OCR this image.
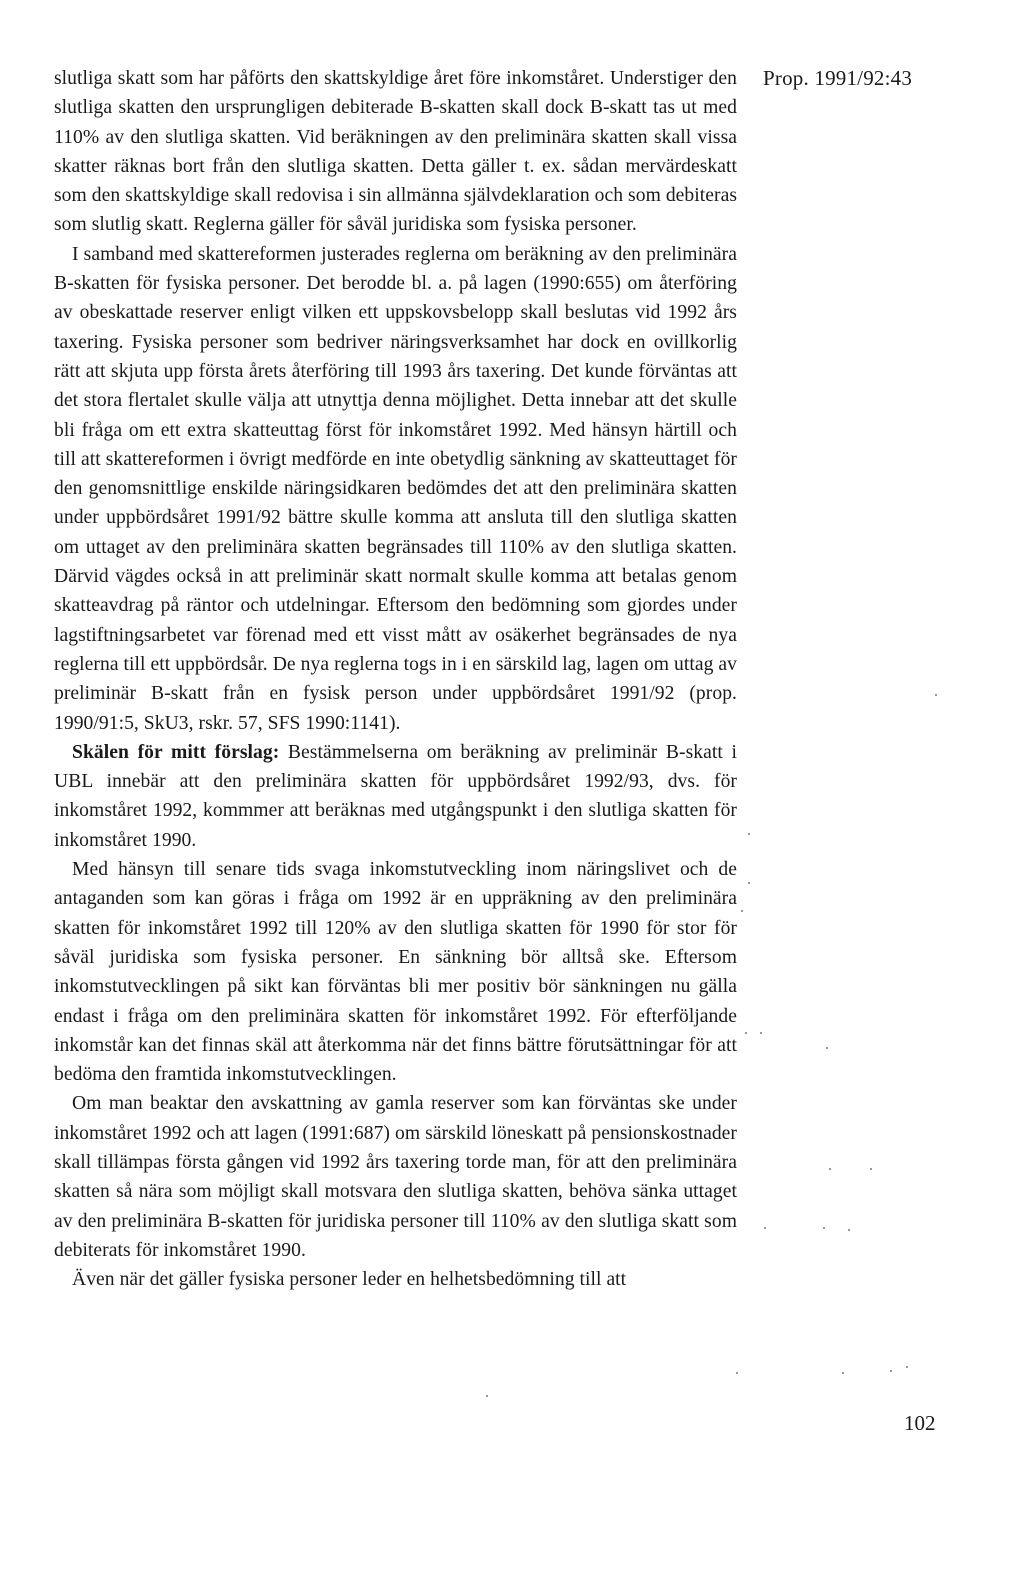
Prop. 1991/92:43

slutliga skatt som har påförts den skattskyldige året före inkomståret. Understiger den slutliga skatten den ursprungligen debiterade B-skatten skall dock B-skatt tas ut med 110% av den slutliga skatten. Vid beräkningen av den preliminära skatten skall vissa skatter räknas bort från den slutliga skatten. Detta gäller t. ex. sådan mervärdeskatt som den skattskyldige skall redovisa i sin allmänna självdeklaration och som debiteras som slutlig skatt. Reglerna gäller för såväl juridiska som fysiska personer.

I samband med skattereformen justerades reglerna om beräkning av den preliminära B-skatten för fysiska personer. Det berodde bl. a. på lagen (1990:655) om återföring av obeskattade reserver enligt vilken ett uppskovsbelopp skall beslutas vid 1992 års taxering. Fysiska personer som bedriver näringsverksamhet har dock en ovillkorlig rätt att skjuta upp första årets återföring till 1993 års taxering. Det kunde förväntas att det stora flertalet skulle välja att utnyttja denna möjlighet. Detta innebar att det skulle bli fråga om ett extra skatteuttag först för inkomståret 1992. Med hänsyn härtill och till att skattereformen i övrigt medförde en inte obetydlig sänkning av skatteuttaget för den genomsnittlige enskilde näringsidkaren bedömdes det att den preliminära skatten under uppbördsåret 1991/92 bättre skulle komma att ansluta till den slutliga skatten om uttaget av den preliminära skatten begränsades till 110% av den slutliga skatten. Därvid vägdes också in att preliminär skatt normalt skulle komma att betalas genom skatteavdrag på räntor och utdelningar. Eftersom den bedömning som gjordes under lagstiftningsarbetet var förenad med ett visst mått av osäkerhet begränsades de nya reglerna till ett uppbördsår. De nya reglerna togs in i en särskild lag, lagen om uttag av preliminär B-skatt från en fysisk person under uppbördsåret 1991/92 (prop. 1990/91:5, SkU3, rskr. 57, SFS 1990:1141).

Skälen för mitt förslag: Bestämmelserna om beräkning av preliminär B-skatt i UBL innebär att den preliminära skatten för uppbördsåret 1992/93, dvs. för inkomståret 1992, kommmer att beräknas med utgångspunkt i den slutliga skatten för inkomståret 1990.

Med hänsyn till senare tids svaga inkomstutveckling inom näringslivet och de antaganden som kan göras i fråga om 1992 är en uppräkning av den preliminära skatten för inkomståret 1992 till 120% av den slutliga skatten för 1990 för stor för såväl juridiska som fysiska personer. En sänkning bör alltså ske. Eftersom inkomstutvecklingen på sikt kan förväntas bli mer positiv bör sänkningen nu gälla endast i fråga om den preliminära skatten för inkomståret 1992. För efterföljande inkomstår kan det finnas skäl att återkomma när det finns bättre förutsättningar för att bedöma den framtida inkomstutvecklingen.

Om man beaktar den avskattning av gamla reserver som kan förväntas ske under inkomståret 1992 och att lagen (1991:687) om särskild löneskatt på pensionskostnader skall tillämpas första gången vid 1992 års taxering torde man, för att den preliminära skatten så nära som möjligt skall motsvara den slutliga skatten, behöva sänka uttaget av den preliminära B-skatten för juridiska personer till 110% av den slutliga skatt som debiterats för inkomståret 1990.

Även när det gäller fysiska personer leder en helhetsbedömning till att

102
